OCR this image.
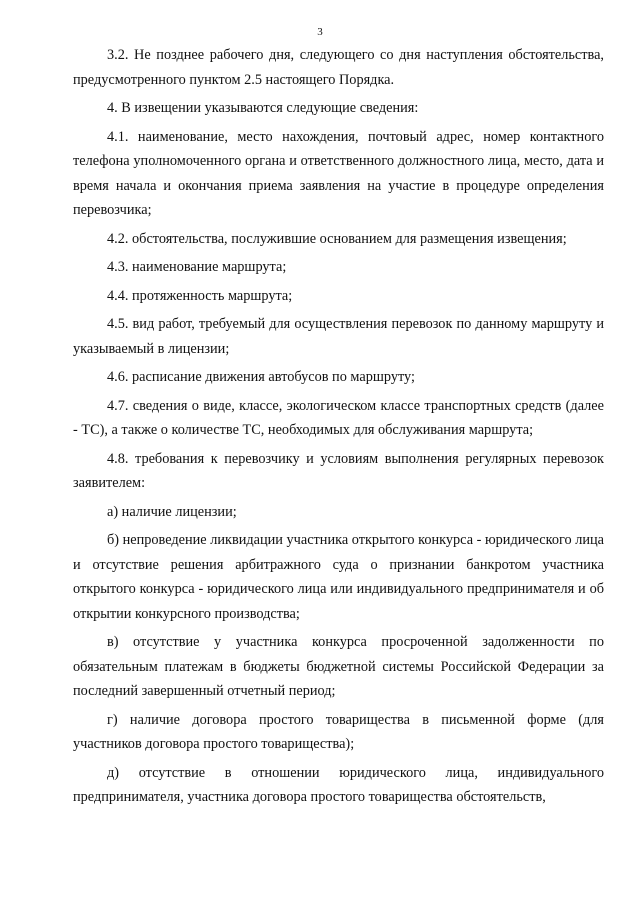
3

3.2. Не позднее рабочего дня, следующего со дня наступления обстоятельства, предусмотренного пунктом 2.5 настоящего Порядка.

4. В извещении указываются следующие сведения:

4.1. наименование, место нахождения, почтовый адрес, номер контактного телефона уполномоченного органа и ответственного должностного лица, место, дата и время начала и окончания приема заявления на участие в процедуре определения перевозчика;

4.2. обстоятельства, послужившие основанием для размещения извещения;

4.3. наименование маршрута;

4.4. протяженность маршрута;

4.5. вид работ, требуемый для осуществления перевозок по данному маршруту и указываемый в лицензии;

4.6. расписание движения автобусов по маршруту;

4.7. сведения о виде, классе, экологическом классе транспортных средств (далее - ТС), а также о количестве ТС, необходимых для обслуживания маршрута;

4.8. требования к перевозчику и условиям выполнения регулярных перевозок заявителем:

а) наличие лицензии;

б) непроведение ликвидации участника открытого конкурса - юридического лица и отсутствие решения арбитражного суда о признании банкротом участника открытого конкурса - юридического лица или индивидуального предпринимателя и об открытии конкурсного производства;

в) отсутствие у участника конкурса просроченной задолженности по обязательным платежам в бюджеты бюджетной системы Российской Федерации за последний завершенный отчетный период;

г) наличие договора простого товарищества в письменной форме (для участников договора простого товарищества);

д) отсутствие в отношении юридического лица, индивидуального предпринимателя, участника договора простого товарищества обстоятельств,
